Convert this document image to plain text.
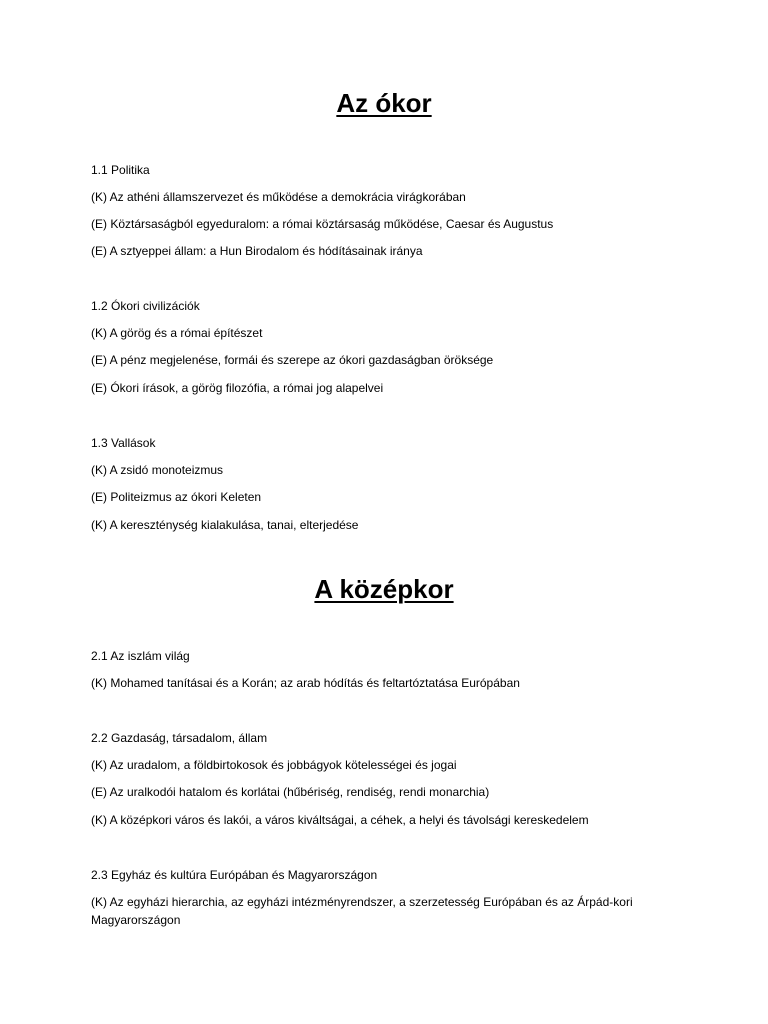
Az ókor
1.1 Politika
(K) Az athéni államszervezet és működése a demokrácia virágkorában
(E) Köztársaságból egyeduralom: a római köztársaság működése, Caesar és Augustus
(E) A sztyeppei állam: a Hun Birodalom és hódításainak iránya
1.2 Ókori civilizációk
(K) A görög és a római építészet
(E) A pénz megjelenése, formái és szerepe az ókori gazdaságban öröksége
(E) Ókori írások, a görög filozófia, a római jog alapelvei
1.3 Vallások
(K) A zsidó monoteizmus
(E) Politeizmus az ókori Keleten
(K) A kereszténység kialakulása, tanai, elterjedése
A középkor
2.1 Az iszlám világ
(K) Mohamed tanításai és a Korán; az arab hódítás és feltartóztatása Európában
2.2 Gazdaság, társadalom, állam
(K) Az uradalom, a földbirtokosok és jobbágyok kötelességei és jogai
(E) Az uralkodói hatalom és korlátai (hűbériség, rendiség, rendi monarchia)
(K) A középkori város és lakói, a város kiváltságai, a céhek, a helyi és távolsági kereskedelem
2.3 Egyház és kultúra Európában és Magyarországon
(K) Az egyházi hierarchia, az egyházi intézményrendszer, a szerzetesség Európában és az Árpád-kori Magyarországon
